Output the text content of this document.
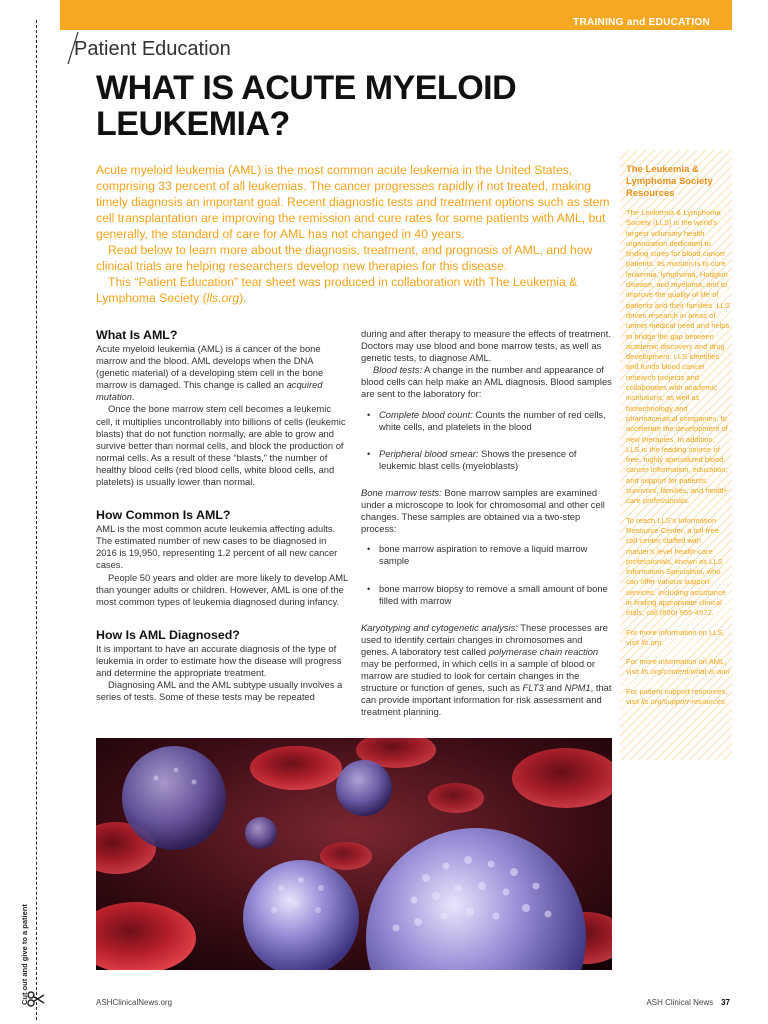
TRAINING and EDUCATION
Cut out and give to a patient
Patient Education
WHAT IS ACUTE MYELOID LEUKEMIA?

Acute myeloid leukemia (AML) is the most common acute leukemia in the United States, comprising 33 percent of all leukemias. The cancer progresses rapidly if not treated, making timely diagnosis an important goal. Recent diagnostic tests and treatment options such as stem cell transplantation are improving the remission and cure rates for some patients with AML, but generally, the standard of care for AML has not changed in 40 years.

Read below to learn more about the diagnosis, treatment, and prognosis of AML, and how clinical trials are helping researchers develop new therapies for this disease.

This “Patient Education” tear sheet was produced in collaboration with The Leukemia & Lymphoma Society (lls.org).

The Leukemia & Lymphoma Society Resources

The Leukemia & Lymphoma Society (LLS) is the world’s largest voluntary health organization dedicated to finding cures for blood cancer patients. Its mission is to cure leukemia, lymphoma, Hodgkin disease, and myeloma, and to improve the quality of life of patients and their families. LLS drives research in areas of unmet medical need and helps to bridge the gap between academic discovery and drug development. LLS identifies and funds blood cancer research projects and collaborates with academic institutions, as well as biotechnology and pharmaceutical companies, to accelerate the development of new therapies. In addition, LLS is the leading source of free, highly specialized blood cancer information, education, and support for patients, survivors, families, and health-care professionals.

To reach LLS’s Information Resource Center, a toll-free call center staffed with master’s level health-care professionals, known as LLS Information Specialists, who can offer various support services, including assistance in finding appropriate clinical trials, call (800) 955-4572.

For more information on LLS, visit lls.org.

For more information on AML, visit lls.org/content/what-is-aml

For patient support resources, visit lls.org/support-resources.

What Is AML?

Acute myeloid leukemia (AML) is a cancer of the bone marrow and the blood. AML develops when the DNA (genetic material) of a developing stem cell in the bone marrow is damaged. This change is called an acquired mutation.

Once the bone marrow stem cell becomes a leukemic cell, it multiplies uncontrollably into billions of cells (leukemic blasts) that do not function normally, are able to grow and survive better than normal cells, and block the production of normal cells. As a result of these “blasts,” the number of healthy blood cells (red blood cells, white blood cells, and platelets) is usually lower than normal.

How Common Is AML?

AML is the most common acute leukemia affecting adults. The estimated number of new cases to be diagnosed in 2016 is 19,950, representing 1.2 percent of all new cancer cases.

People 50 years and older are more likely to develop AML than younger adults or children. However, AML is one of the most common types of leukemia diagnosed during infancy.

How Is AML Diagnosed?

It is important to have an accurate diagnosis of the type of leukemia in order to estimate how the disease will progress and determine the appropriate treatment.

Diagnosing AML and the AML subtype usually involves a series of tests. Some of these tests may be repeated

during and after therapy to measure the effects of treatment. Doctors may use blood and bone marrow tests, as well as genetic tests, to diagnose AML.

Blood tests: A change in the number and appearance of blood cells can help make an AML diagnosis. Blood samples are sent to the laboratory for:

• Complete blood count: Counts the number of red cells, white cells, and platelets in the blood
• Peripheral blood smear: Shows the presence of leukemic blast cells (myeloblasts)

Bone marrow tests: Bone marrow samples are examined under a microscope to look for chromosomal and other cell changes. These samples are obtained via a two-step process:

• bone marrow aspiration to remove a liquid marrow sample
• bone marrow biopsy to remove a small amount of bone filled with marrow

Karyotyping and cytogenetic analysis: These processes are used to identify certain changes in chromosomes and genes. A laboratory test called polymerase chain reaction may be performed, in which cells in a sample of blood or marrow are studied to look for certain changes in the structure or function of genes, such as FLT3 and NPM1, that can provide important information for risk assessment and treatment planning.

ASHClinicalNews.org	ASH Clinical News 37
